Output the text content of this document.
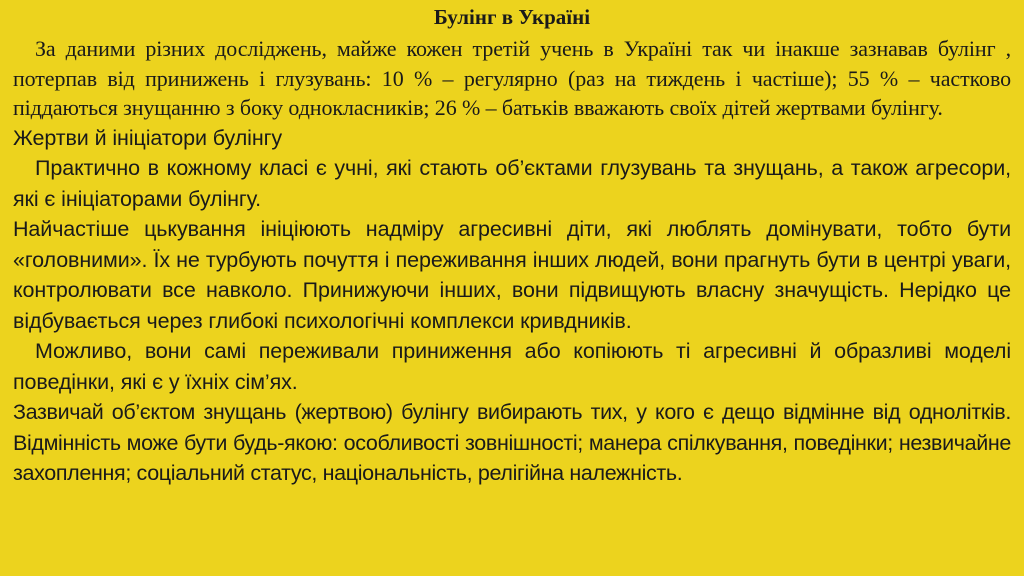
Булінг в Україні

За даними різних досліджень, майже кожен третій учень в Україні так чи інакше зазнавав булінг , потерпав від принижень і глузувань: 10 % – регулярно (раз на тиждень і частіше); 55 % – частково піддаються знущанню з боку однокласників; 26 % – батьків вважають своїх дітей жертвами булінгу.

Жертви й ініціатори булінгу

Практично в кожному класі є учні, які стають об’єктами глузувань та знущань, а також агресори, які є ініціаторами булінгу.

Найчастіше цькування ініціюють надміру агресивні діти, які люблять домінувати, тобто бути «головними». Їх не турбують почуття і переживання інших людей, вони прагнуть бути в центрі уваги, контролювати все навколо. Принижуючи інших, вони підвищують власну значущість. Нерідко це відбувається через глибокі психологічні комплекси кривдників.

Можливо, вони самі переживали приниження або копіюють ті агресивні й образливі моделі поведінки, які є у їхніх сім’ях.

Зазвичай об’єктом знущань (жертвою) булінгу вибирають тих, у кого є дещо відмінне від однолітків. Відмінність може бути будь-якою: особливості зовнішності; манера спілкування, поведінки; незвичайне захоплення; соціальний статус, національність, релігійна належність.
